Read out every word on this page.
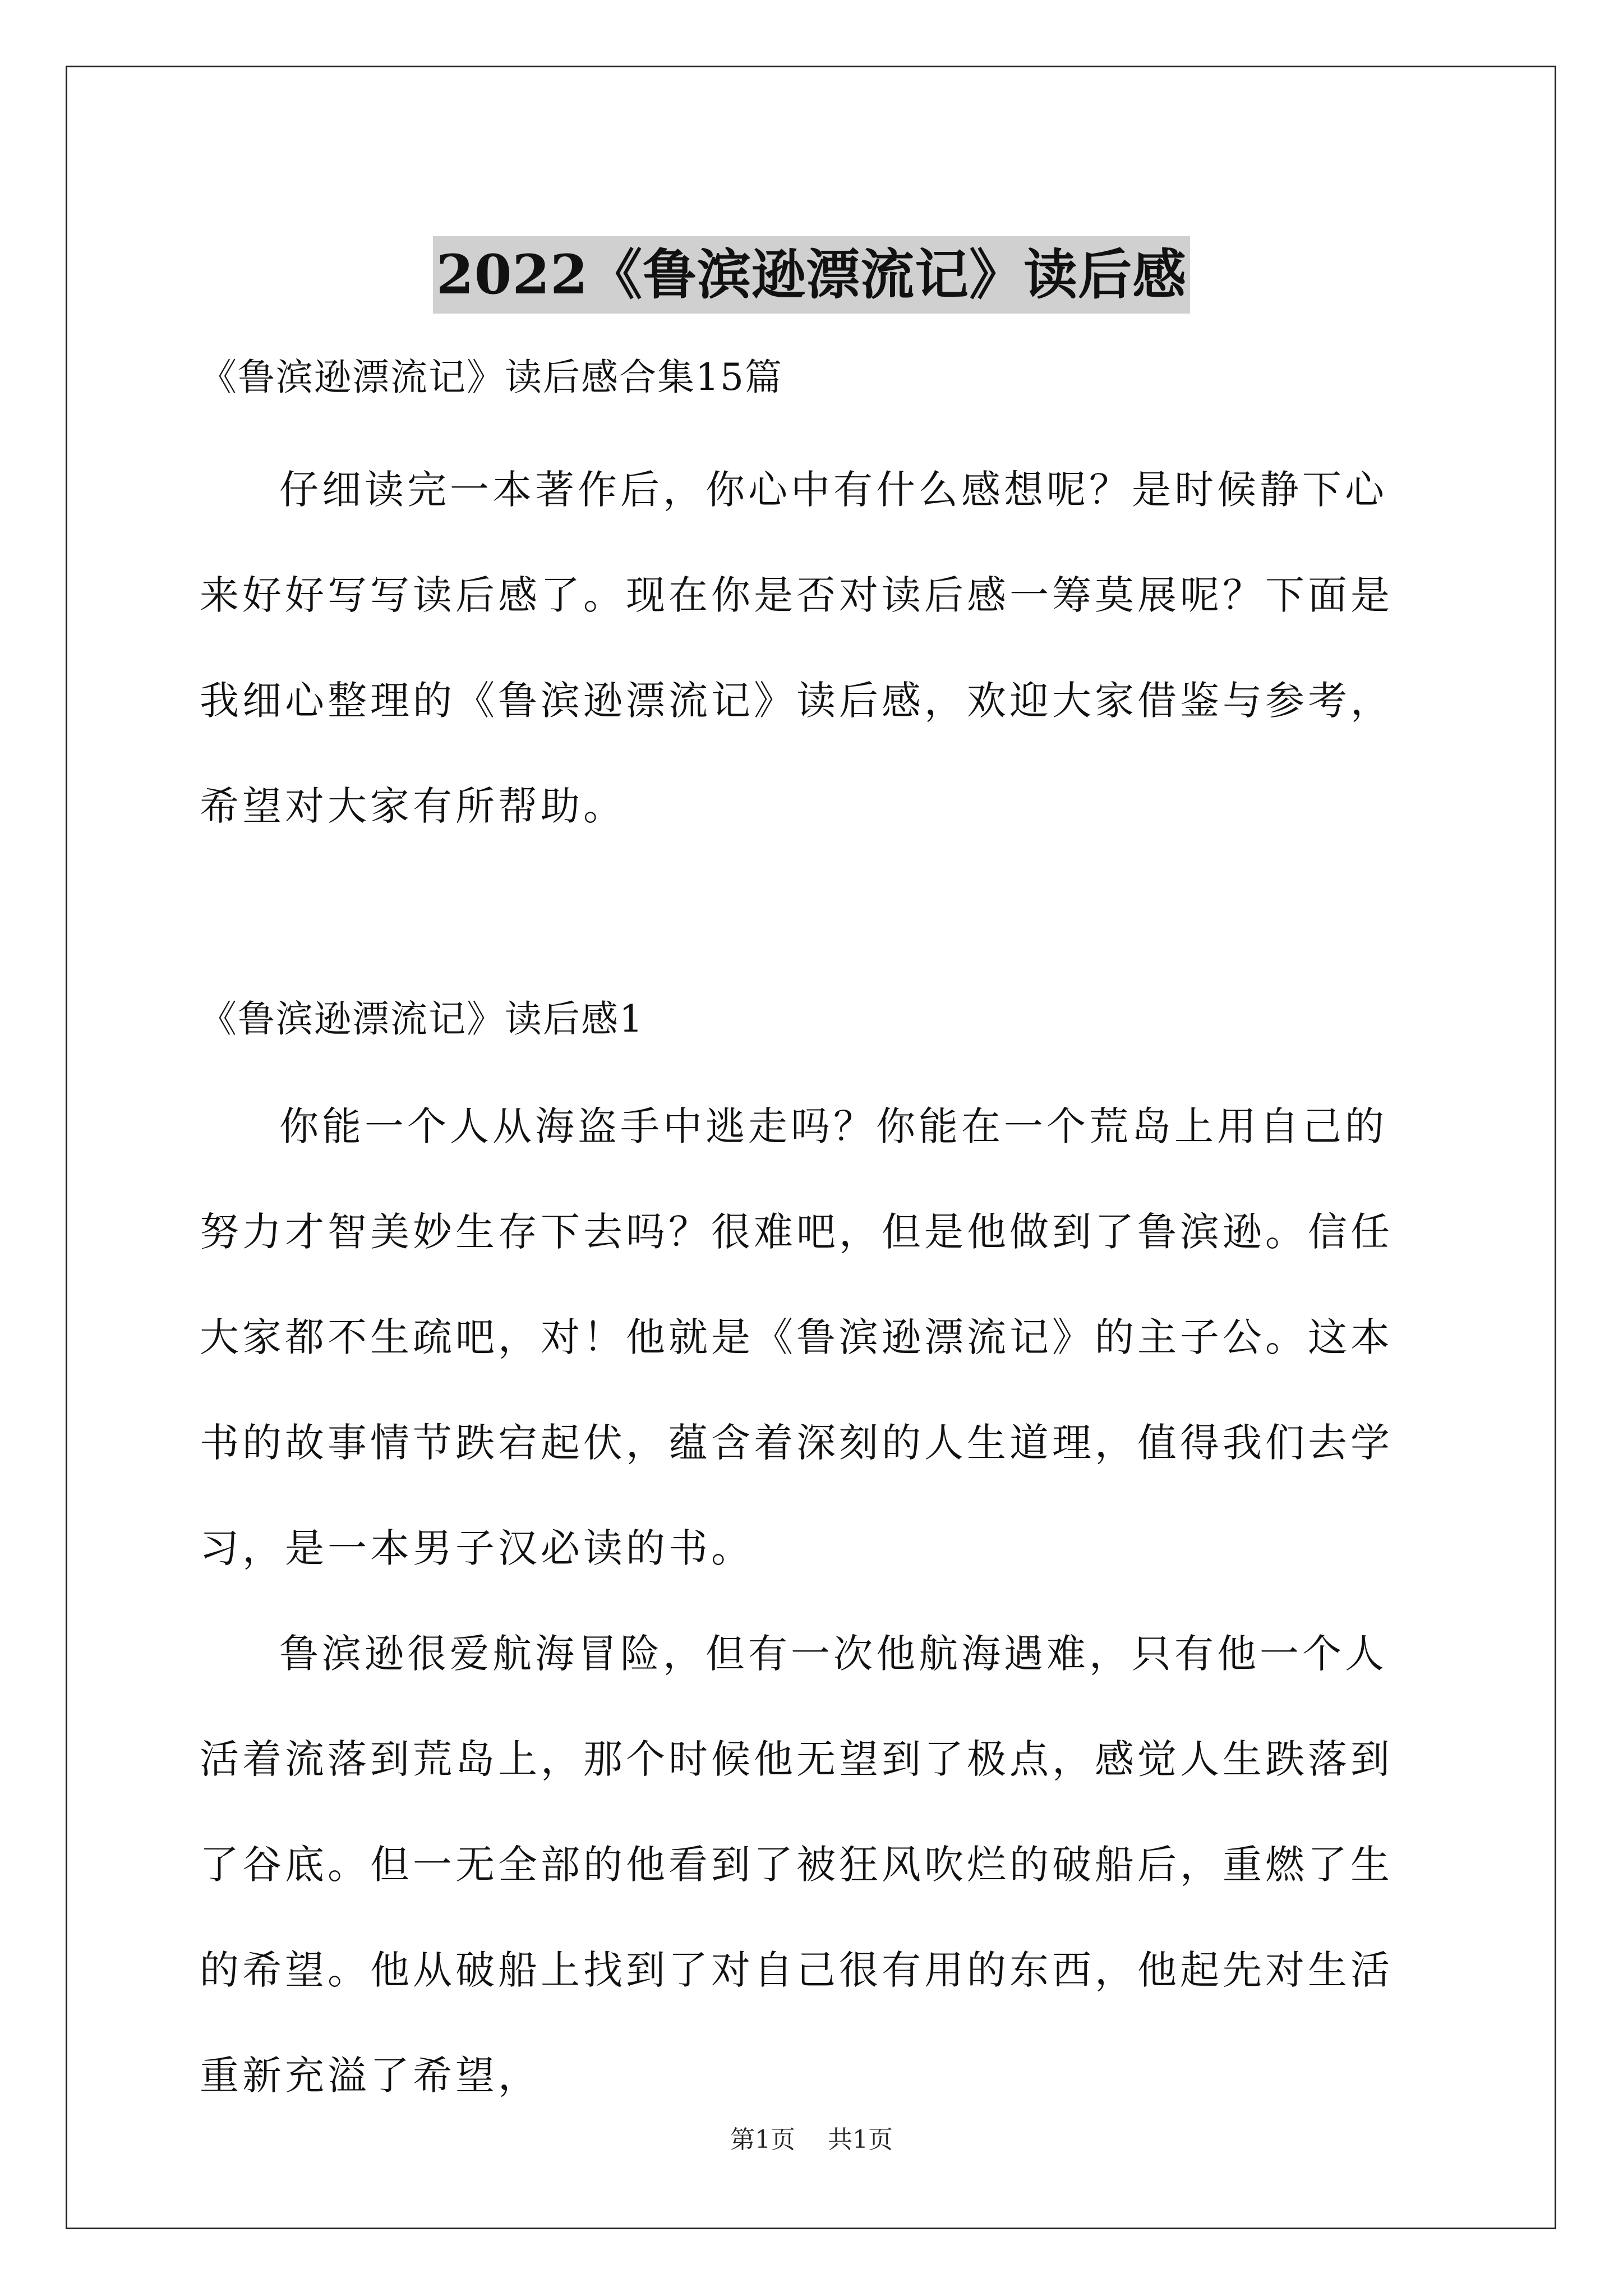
2022《鲁滨逊漂流记》读后感

《鲁滨逊漂流记》读后感合集15篇

仔细读完一本著作后，你心中有什么感想呢？是时候静下心来好好写写读后感了。现在你是否对读后感一筹莫展呢？下面是我细心整理的《鲁滨逊漂流记》读后感，欢迎大家借鉴与参考，希望对大家有所帮助。

《鲁滨逊漂流记》读后感1

你能一个人从海盗手中逃走吗？你能在一个荒岛上用自己的努力才智美妙生存下去吗？很难吧，但是他做到了鲁滨逊。信任大家都不生疏吧，对！他就是《鲁滨逊漂流记》的主子公。这本书的故事情节跌宕起伏，蕴含着深刻的人生道理，值得我们去学习，是一本男子汉必读的书。

鲁滨逊很爱航海冒险，但有一次他航海遇难，只有他一个人活着流落到荒岛上，那个时候他无望到了极点，感觉人生跌落到了谷底。但一无全部的他看到了被狂风吹烂的破船后，重燃了生的希望。他从破船上找到了对自己很有用的东西，他起先对生活重新充溢了希望，

第1页 共1页
